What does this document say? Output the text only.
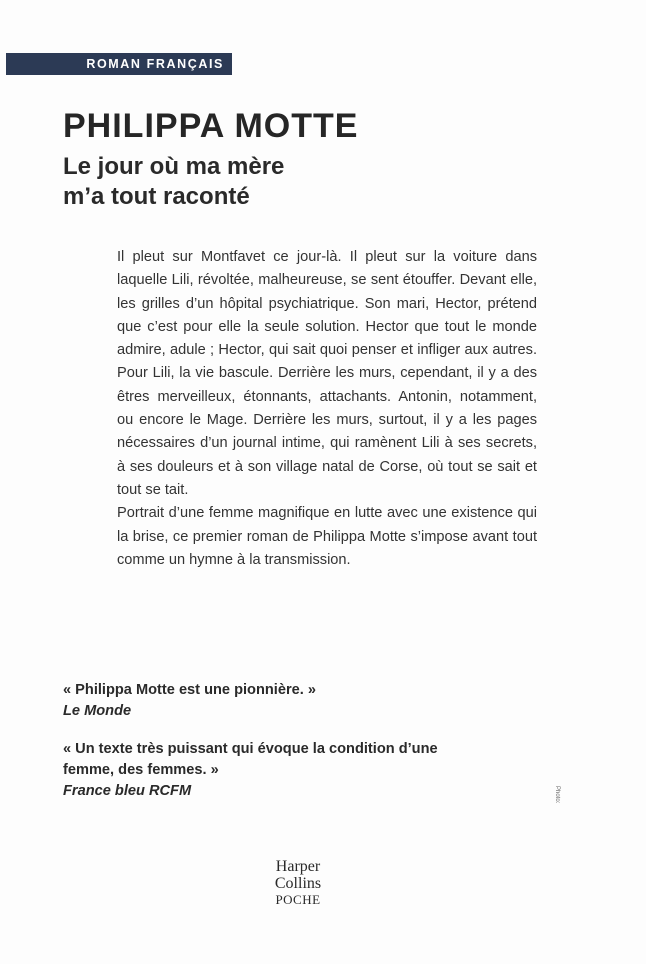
ROMAN FRANÇAIS
PHILIPPA MOTTE
Le jour où ma mère
m’a tout raconté

Il pleut sur Montfavet ce jour-là. Il pleut sur la voiture dans laquelle Lili, révoltée, malheureuse, se sent étouffer. Devant elle, les grilles d’un hôpital psychiatrique. Son mari, Hector, prétend que c’est pour elle la seule solution. Hector que tout le monde admire, adule ; Hector, qui sait quoi penser et infliger aux autres. Pour Lili, la vie bascule. Derrière les murs, cependant, il y a des êtres merveilleux, étonnants, attachants. Antonin, notamment, ou encore le Mage. Derrière les murs, surtout, il y a les pages nécessaires d’un journal intime, qui ramènent Lili à ses secrets, à ses douleurs et à son village natal de Corse, où tout se sait et tout se tait.

Portrait d’une femme magnifique en lutte avec une existence qui la brise, ce premier roman de Philippa Motte s’impose avant tout comme un hymne à la transmission.

« Philippa Motte est une pionnière. »
Le Monde
« Un texte très puissant qui évoque la condition d’une femme, des femmes. »
France bleu RCFM	Photo:
Harper
Collins
POCHE
